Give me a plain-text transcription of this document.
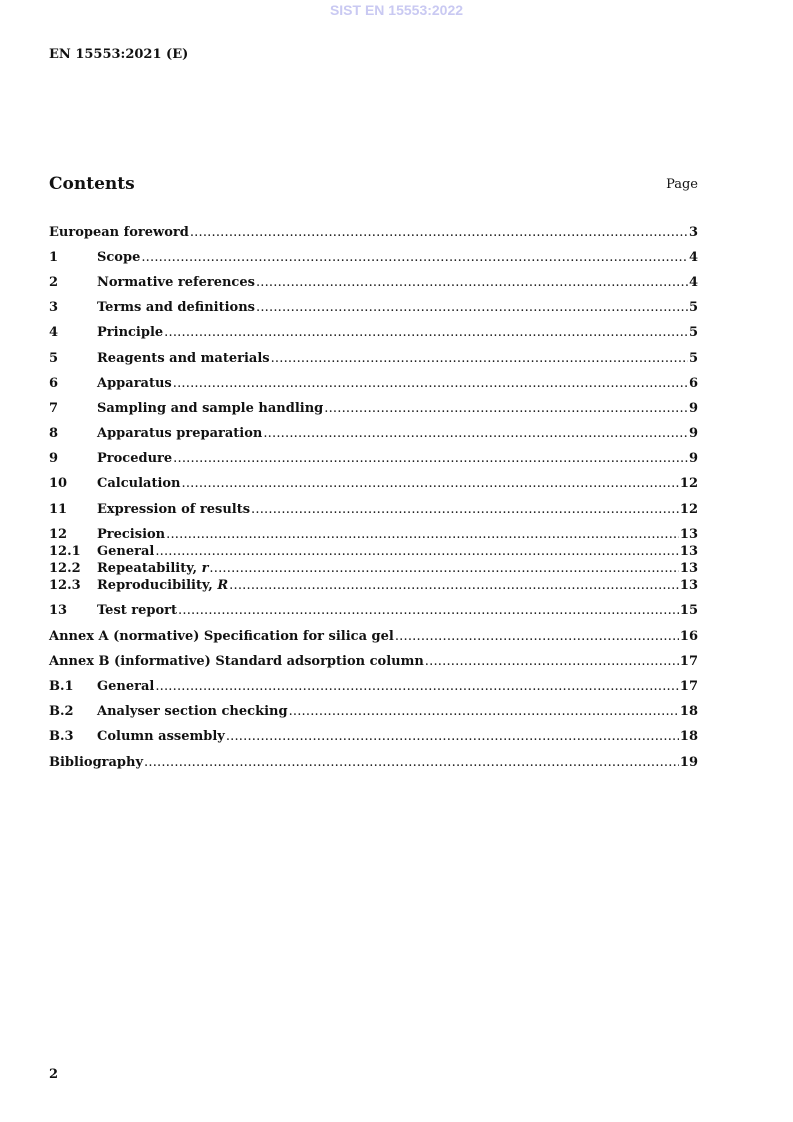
SIST EN 15553:2022
EN 15553:2021 (E)
Contents	Page
European foreword .....	3
1	Scope .....	4
2	Normative references .....	4
3	Terms and definitions .....	5
4	Principle .....	5
5	Reagents and materials .....	5
6	Apparatus .....	6
7	Sampling and sample handling .....	9
8	Apparatus preparation .....	9
9	Procedure .....	9
10	Calculation .....	12
11	Expression of results .....	12
12	Precision .....	13
12.1	General .....	13
12.2	Repeatability, r .....	13
12.3	Reproducibility, R .....	13
13	Test report .....	15
Annex A (normative) Specification for silica gel .....	16
Annex B (informative) Standard adsorption column .....	17
B.1	General .....	17
B.2	Analyser section checking .....	18
B.3	Column assembly .....	18
Bibliography .....	19
2
